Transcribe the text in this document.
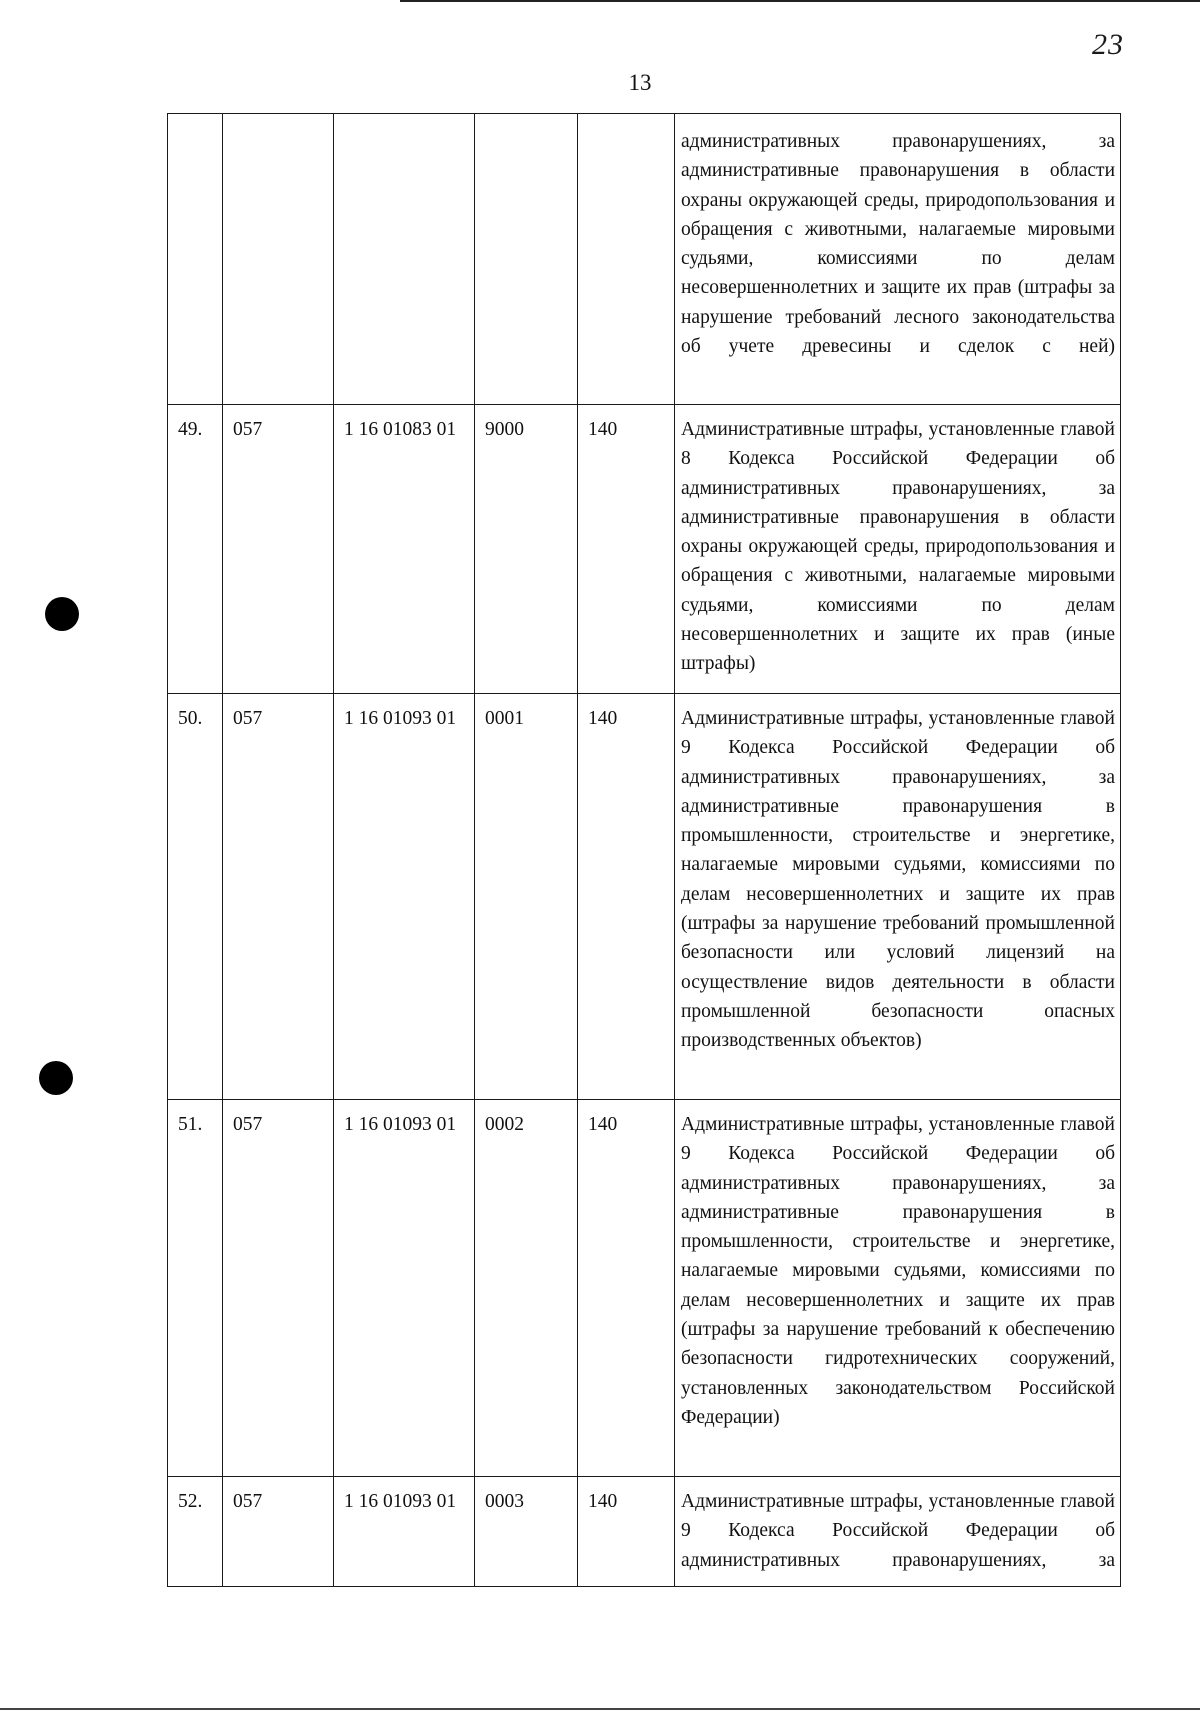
13
23
					административных правонарушениях, за административные правонарушения в области охраны окружающей среды, природопользования и обращения с животными, налагаемые мировыми судьями, комиссиями по делам несовершеннолетних и защите их прав (штрафы за нарушение требований лесного законодательства об учете древесины и сделок с ней)
49.	057	1 16 01083 01	9000	140	Административные штрафы, установленные главой 8 Кодекса Российской Федерации об административных правонарушениях, за административные правонарушения в области охраны окружающей среды, природопользования и обращения с животными, налагаемые мировыми судьями, комиссиями по делам несовершеннолетних и защите их прав (иные штрафы)
50.	057	1 16 01093 01	0001	140	Административные штрафы, установленные главой 9 Кодекса Российской Федерации об административных правонарушениях, за административные правонарушения в промышленности, строительстве и энергетике, налагаемые мировыми судьями, комиссиями по делам несовершеннолетних и защите их прав (штрафы за нарушение требований промышленной безопасности или условий лицензий на осуществление видов деятельности в области промышленной безопасности опасных производственных объектов)
51.	057	1 16 01093 01	0002	140	Административные штрафы, установленные главой 9 Кодекса Российской Федерации об административных правонарушениях, за административные правонарушения в промышленности, строительстве и энергетике, налагаемые мировыми судьями, комиссиями по делам несовершеннолетних и защите их прав (штрафы за нарушение требований к обеспечению безопасности гидротехнических сооружений, установленных законодательством Российской Федерации)
52.	057	1 16 01093 01	0003	140	Административные штрафы, установленные главой 9 Кодекса Российской Федерации об административных правонарушениях, за
